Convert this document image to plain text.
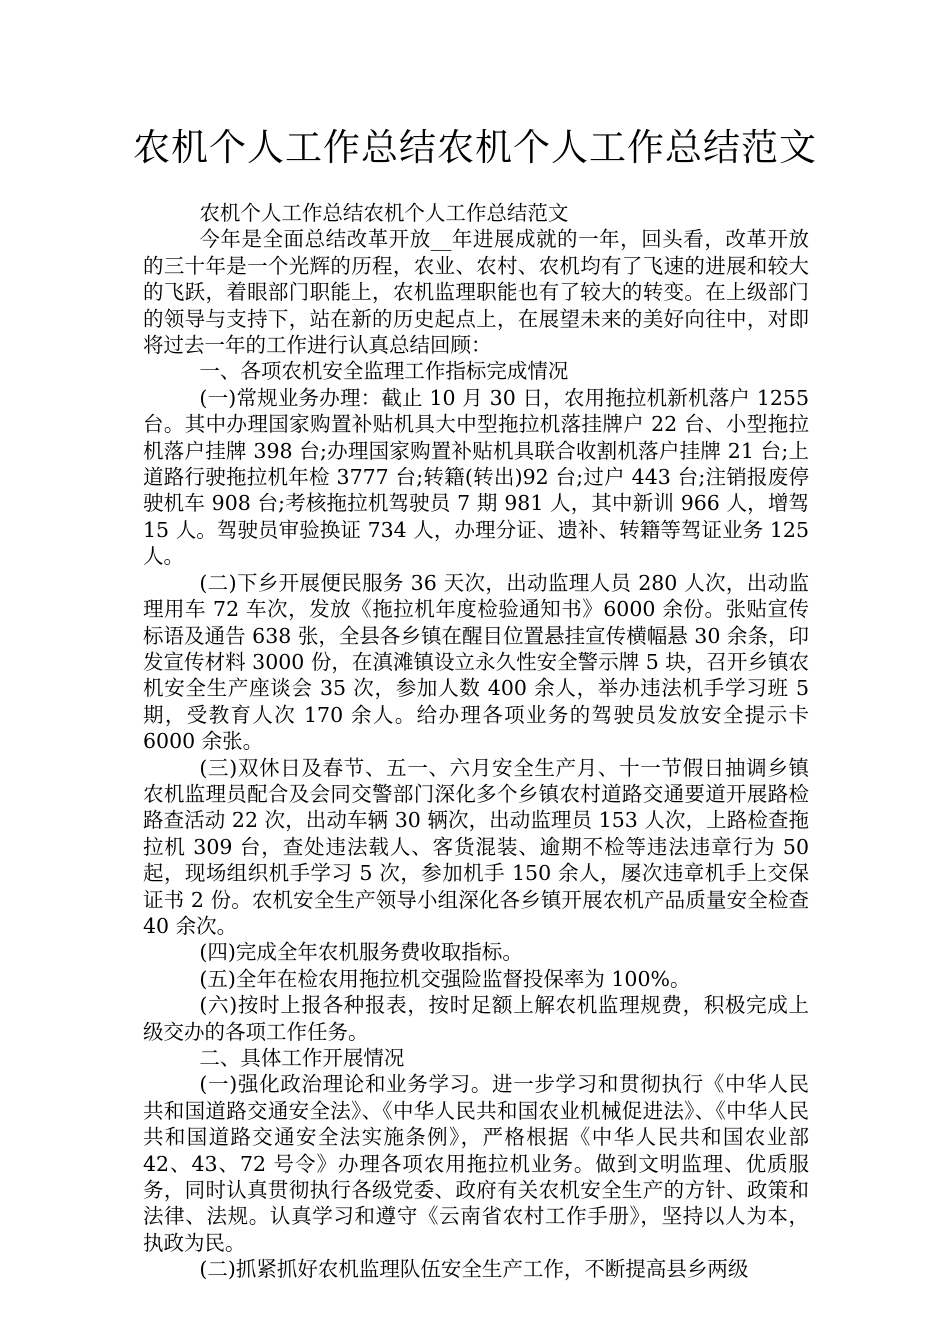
农机个人工作总结农机个人工作总结范文

农机个人工作总结农机个人工作总结范文

今年是全面总结改革开放__年进展成就的一年，回头看，改革开放的三十年是一个光辉的历程，农业、农村、农机均有了飞速的进展和较大的飞跃，着眼部门职能上，农机监理职能也有了较大的转变。在上级部门的领导与支持下，站在新的历史起点上，在展望未来的美好向往中，对即将过去一年的工作进行认真总结回顾：

一、各项农机安全监理工作指标完成情况

(一)常规业务办理：截止 10 月 30 日，农用拖拉机新机落户 1255 台。其中办理国家购置补贴机具大中型拖拉机落挂牌户 22 台、小型拖拉机落户挂牌 398 台;办理国家购置补贴机具联合收割机落户挂牌 21 台;上道路行驶拖拉机年检 3777 台;转籍(转出)92 台;过户 443 台;注销报废停驶机车 908 台;考核拖拉机驾驶员 7 期 981 人，其中新训 966 人，增驾 15 人。驾驶员审验换证 734 人，办理分证、遗补、转籍等驾证业务 125 人。

(二)下乡开展便民服务 36 天次，出动监理人员 280 人次，出动监理用车 72 车次，发放《拖拉机年度检验通知书》6000 余份。张贴宣传标语及通告 638 张，全县各乡镇在醒目位置悬挂宣传横幅悬 30 余条，印发宣传材料 3000 份，在滇滩镇设立永久性安全警示牌 5 块，召开乡镇农机安全生产座谈会 35 次，参加人数 400 余人，举办违法机手学习班 5 期，受教育人次 170 余人。给办理各项业务的驾驶员发放安全提示卡 6000 余张。

(三)双休日及春节、五一、六月安全生产月、十一节假日抽调乡镇农机监理员配合及会同交警部门深化多个乡镇农村道路交通要道开展路检路查活动 22 次，出动车辆 30 辆次，出动监理员 153 人次，上路检查拖拉机 309 台，查处违法载人、客货混装、逾期不检等违法违章行为 50 起，现场组织机手学习 5 次，参加机手 150 余人，屡次违章机手上交保证书 2 份。农机安全生产领导小组深化各乡镇开展农机产品质量安全检查 40 余次。

(四)完成全年农机服务费收取指标。

(五)全年在检农用拖拉机交强险监督投保率为 100%。

(六)按时上报各种报表，按时足额上解农机监理规费，积极完成上级交办的各项工作任务。

二、具体工作开展情况

(一)强化政治理论和业务学习。进一步学习和贯彻执行《中华人民共和国道路交通安全法》、《中华人民共和国农业机械促进法》、《中华人民共和国道路交通安全法实施条例》，严格根据《中华人民共和国农业部 42、43、72 号令》办理各项农用拖拉机业务。做到文明监理、优质服务，同时认真贯彻执行各级党委、政府有关农机安全生产的方针、政策和法律、法规。认真学习和遵守《云南省农村工作手册》，坚持以人为本，执政为民。

(二)抓紧抓好农机监理队伍安全生产工作，不断提高县乡两级
